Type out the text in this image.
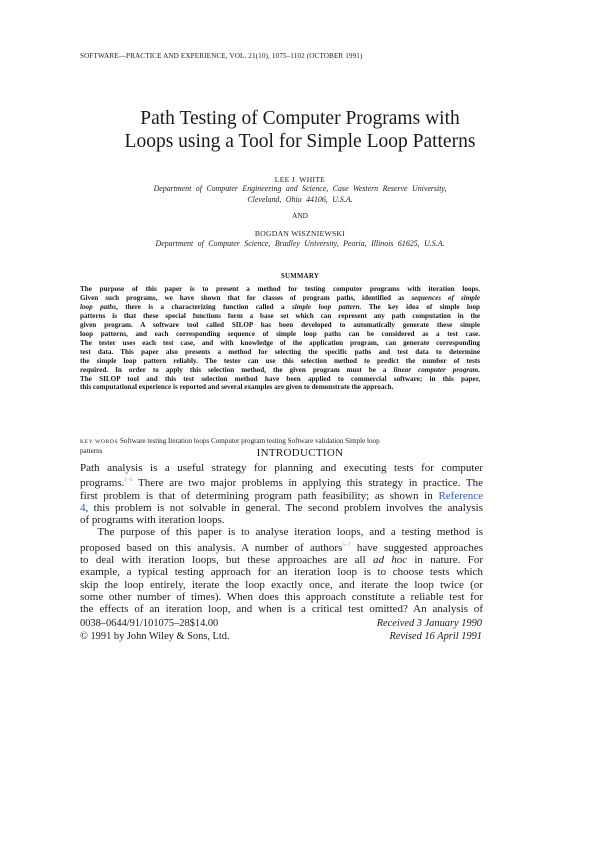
SOFTWARE—PRACTICE AND EXPERIENCE, VOL. 21(10), 1075–1102 (OCTOBER 1991)
Path Testing of Computer Programs with
Loops using a Tool for Simple Loop Patterns
LEE J. WHITE
Department of Computer Engineering and Science, Case Western Reserve University,
Cleveland, Ohio 44106, U.S.A.
AND
BOGDAN WISZNIEWSKI
Department of Computer Science, Bradley University, Peoria, Illinois 61625, U.S.A.
SUMMARY
The purpose of this paper is to present a method for testing computer programs with iteration loops.
Given such programs, we have shown that for classes of program paths, identified as sequences of simple
loop paths, there is a characterizing function called a simple loop pattern. The key idea of simple loop
patterns is that these special functions form a base set which can represent any path computation in the
given program. A software tool called SILOP has been developed to automatically generate these simple
loop patterns, and each corresponding sequence of simple loop paths can be considered as a test case.
The tester uses each test case, and with knowledge of the application program, can generate corresponding
test data. This paper also presents a method for selecting the specific paths and test data to determine
the simple loop pattern reliably. The tester can use this selection method to predict the number of tests
required. In order to apply this selection method, the given program must be a linear computer program.
The SILOP tool and this test selection method have been applied to commercial software; in this paper,
this computational experience is reported and several examples are given to demonstrate the approach.
KEY WORDS Software testing Iteration loops Computer program testing Software validation Simple loop
patterns	INTRODUCTION
Path analysis is a useful strategy for planning and executing tests for computer
programs.$^{1-3}$ There are two major problems in applying this strategy in practice. The
first problem is that of determining program path feasibility; as shown in Reference
4, this problem is not solvable in general. The second problem involves the analysis
of programs with iteration loops.
The purpose of this paper is to analyse iteration loops, and a testing method is
proposed based on this analysis. A number of authors$^{5-7}$ have suggested approaches
to deal with iteration loops, but these approaches are all ad hoc in nature. For
example, a typical testing approach for an iteration loop is to choose tests which
skip the loop entirely, iterate the loop exactly once, and iterate the loop twice (or
some other number of times). When does this approach constitute a reliable test for
the effects of an iteration loop, and when is a critical test omitted? An analysis of
0038–0644/91/101075–28$14.00
© 1991 by John Wiley & Sons, Ltd.
Received 3 January 1990
Revised 16 April 1991
